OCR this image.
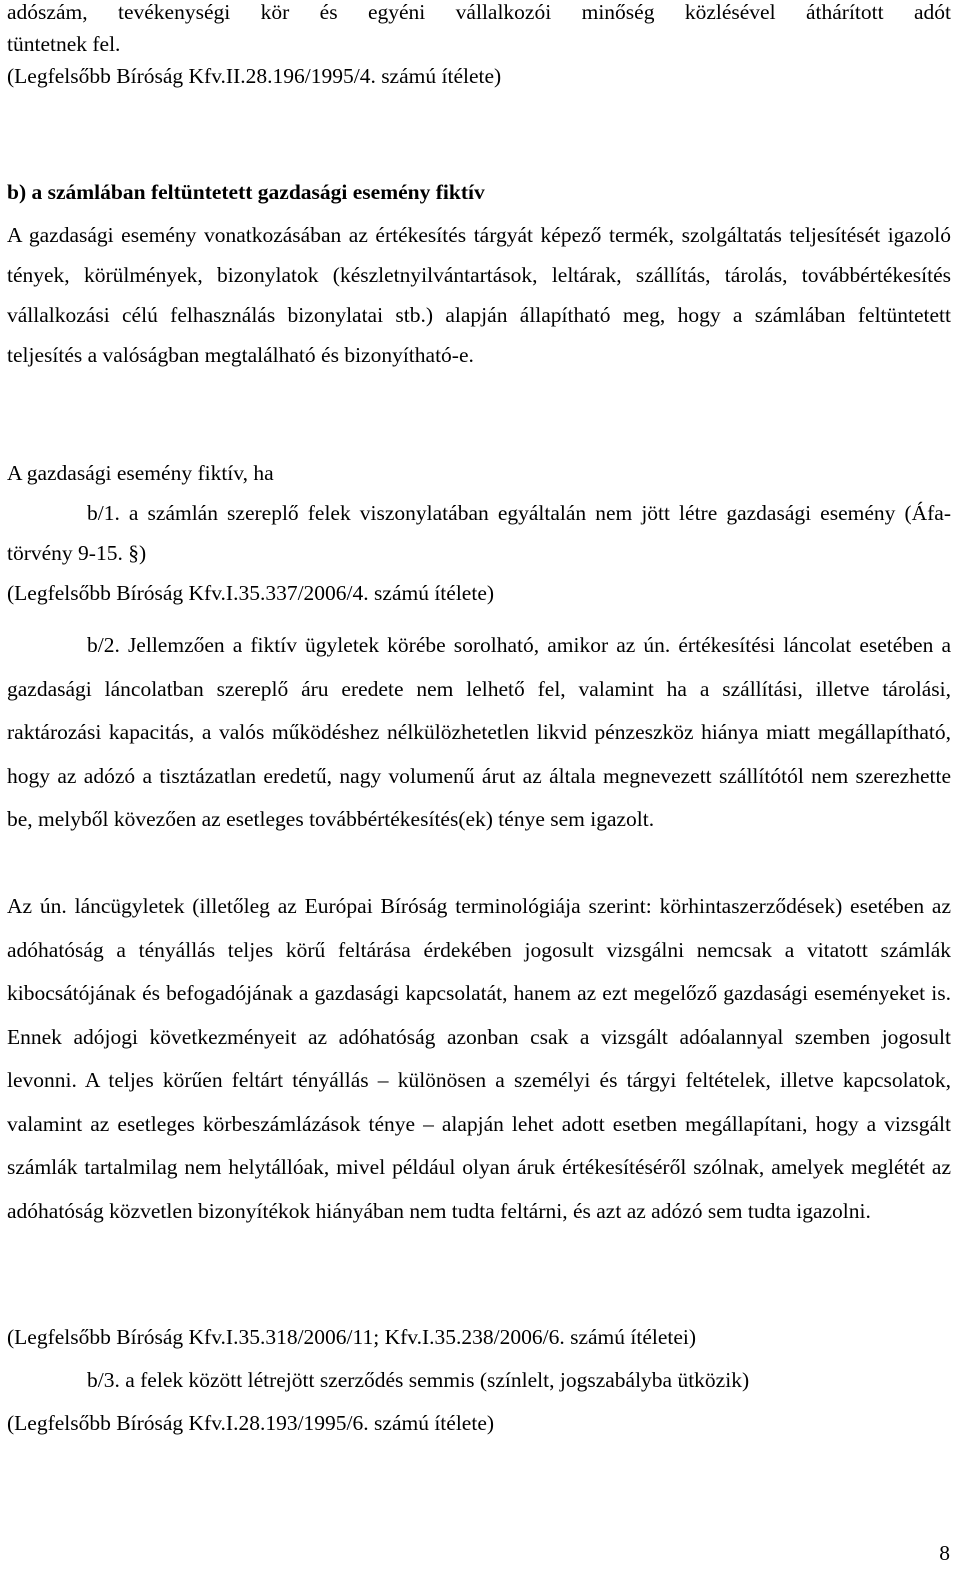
adószám, tevékenységi kör és egyéni vállalkozói minőség közlésével áthárított adót
tüntetnek fel.
(Legfelsőbb Bíróság Kfv.II.28.196/1995/4. számú ítélete)

b) a számlában feltüntetett gazdasági esemény fiktív

A gazdasági esemény vonatkozásában az értékesítés tárgyát képező termék, szolgáltatás teljesítését igazoló tények, körülmények, bizonylatok (készletnyilvántartások, leltárak, szállítás, tárolás, továbbértékesítés vállalkozási célú felhasználás bizonylatai stb.) alapján állapítható meg, hogy a számlában feltüntetett teljesítés a valóságban megtalálható és bizonyítható-e.

A gazdasági esemény fiktív, ha

b/1. a számlán szereplő felek viszonylatában egyáltalán nem jött létre gazdasági esemény (Áfa-törvény 9-15. §)

(Legfelsőbb Bíróság Kfv.I.35.337/2006/4. számú ítélete)

b/2. Jellemzően a fiktív ügyletek körébe sorolható, amikor az ún. értékesítési láncolat esetében a gazdasági láncolatban szereplő áru eredete nem lelhető fel, valamint ha a szállítási, illetve tárolási, raktározási kapacitás, a valós működéshez nélkülözhetetlen likvid pénzeszköz hiánya miatt megállapítható, hogy az adózó a tisztázatlan eredetű, nagy volumenű árut az általa megnevezett szállítótól nem szerezhette be, melyből kövezően az esetleges továbbértékesítés(ek) ténye sem igazolt.

Az ún. láncügyletek (illetőleg az Európai Bíróság terminológiája szerint: körhintaszerződések) esetében az adóhatóság a tényállás teljes körű feltárása érdekében jogosult vizsgálni nemcsak a vitatott számlák kibocsátójának és befogadójának a gazdasági kapcsolatát, hanem az ezt megelőző gazdasági eseményeket is. Ennek adójogi következményeit az adóhatóság azonban csak a vizsgált adóalannyal szemben jogosult levonni. A teljes körűen feltárt tényállás – különösen a személyi és tárgyi feltételek, illetve kapcsolatok, valamint az esetleges körbeszámlázások ténye – alapján lehet adott esetben megállapítani, hogy a vizsgált számlák tartalmilag nem helytállóak, mivel például olyan áruk értékesítéséről szólnak, amelyek meglétét az adóhatóság közvetlen bizonyítékok hiányában nem tudta feltárni, és azt az adózó sem tudta igazolni.

(Legfelsőbb Bíróság Kfv.I.35.318/2006/11; Kfv.I.35.238/2006/6. számú ítéletei)

b/3. a felek között létrejött szerződés semmis (színlelt, jogszabályba ütközik)

(Legfelsőbb Bíróság Kfv.I.28.193/1995/6. számú ítélete)

8
